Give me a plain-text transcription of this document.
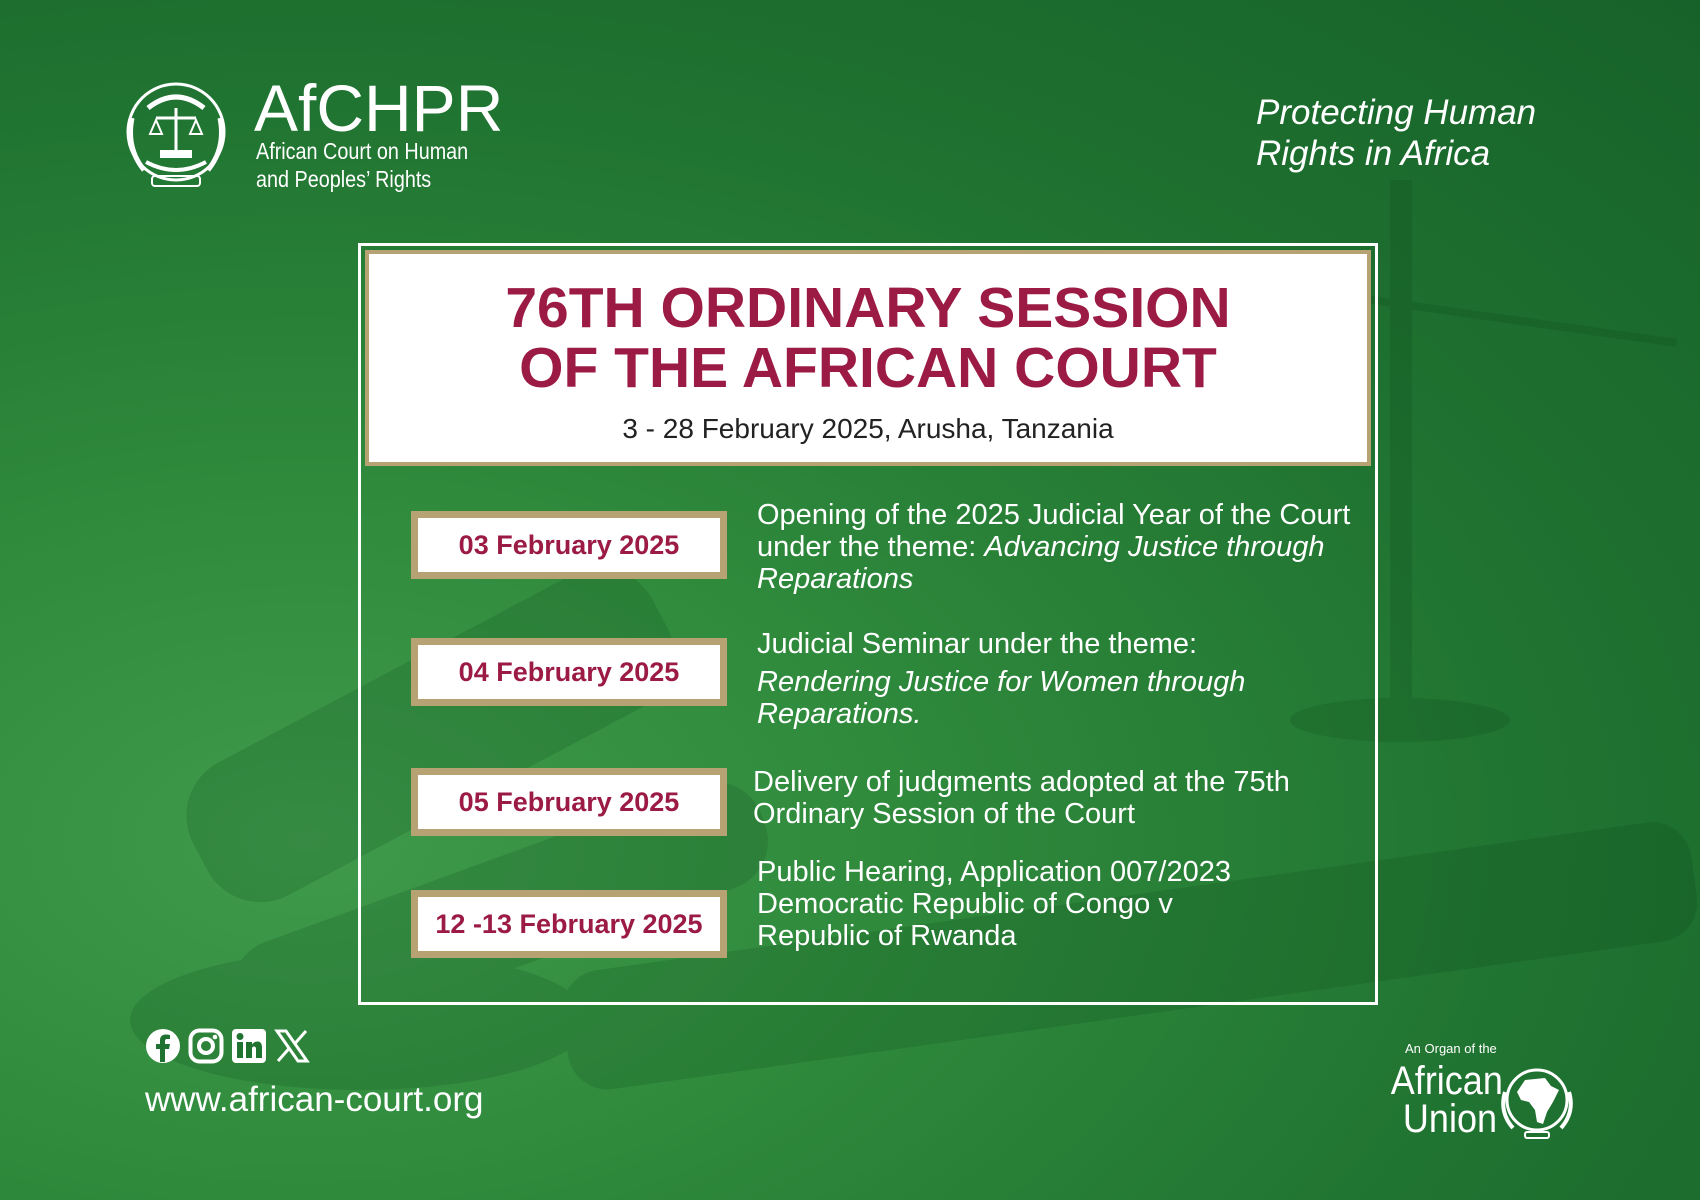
AfCHPR
African Court on Human
and Peoples’ Rights
Protecting Human
Rights in Africa
76TH ORDINARY SESSION
OF THE AFRICAN COURT
3 - 28 February 2025, Arusha, Tanzania
03 February 2025
Opening of the 2025 Judicial Year of the Court under the theme: Advancing Justice through Reparations
04 February 2025
Judicial Seminar under the theme:
Rendering Justice for Women through Reparations.
05 February 2025
Delivery of judgments adopted at the 75th Ordinary Session of the Court
12 -13 February 2025
Public Hearing, Application 007/2023
Democratic Republic of Congo v
Republic of Rwanda
www.african-court.org
An Organ of the
African
Union
